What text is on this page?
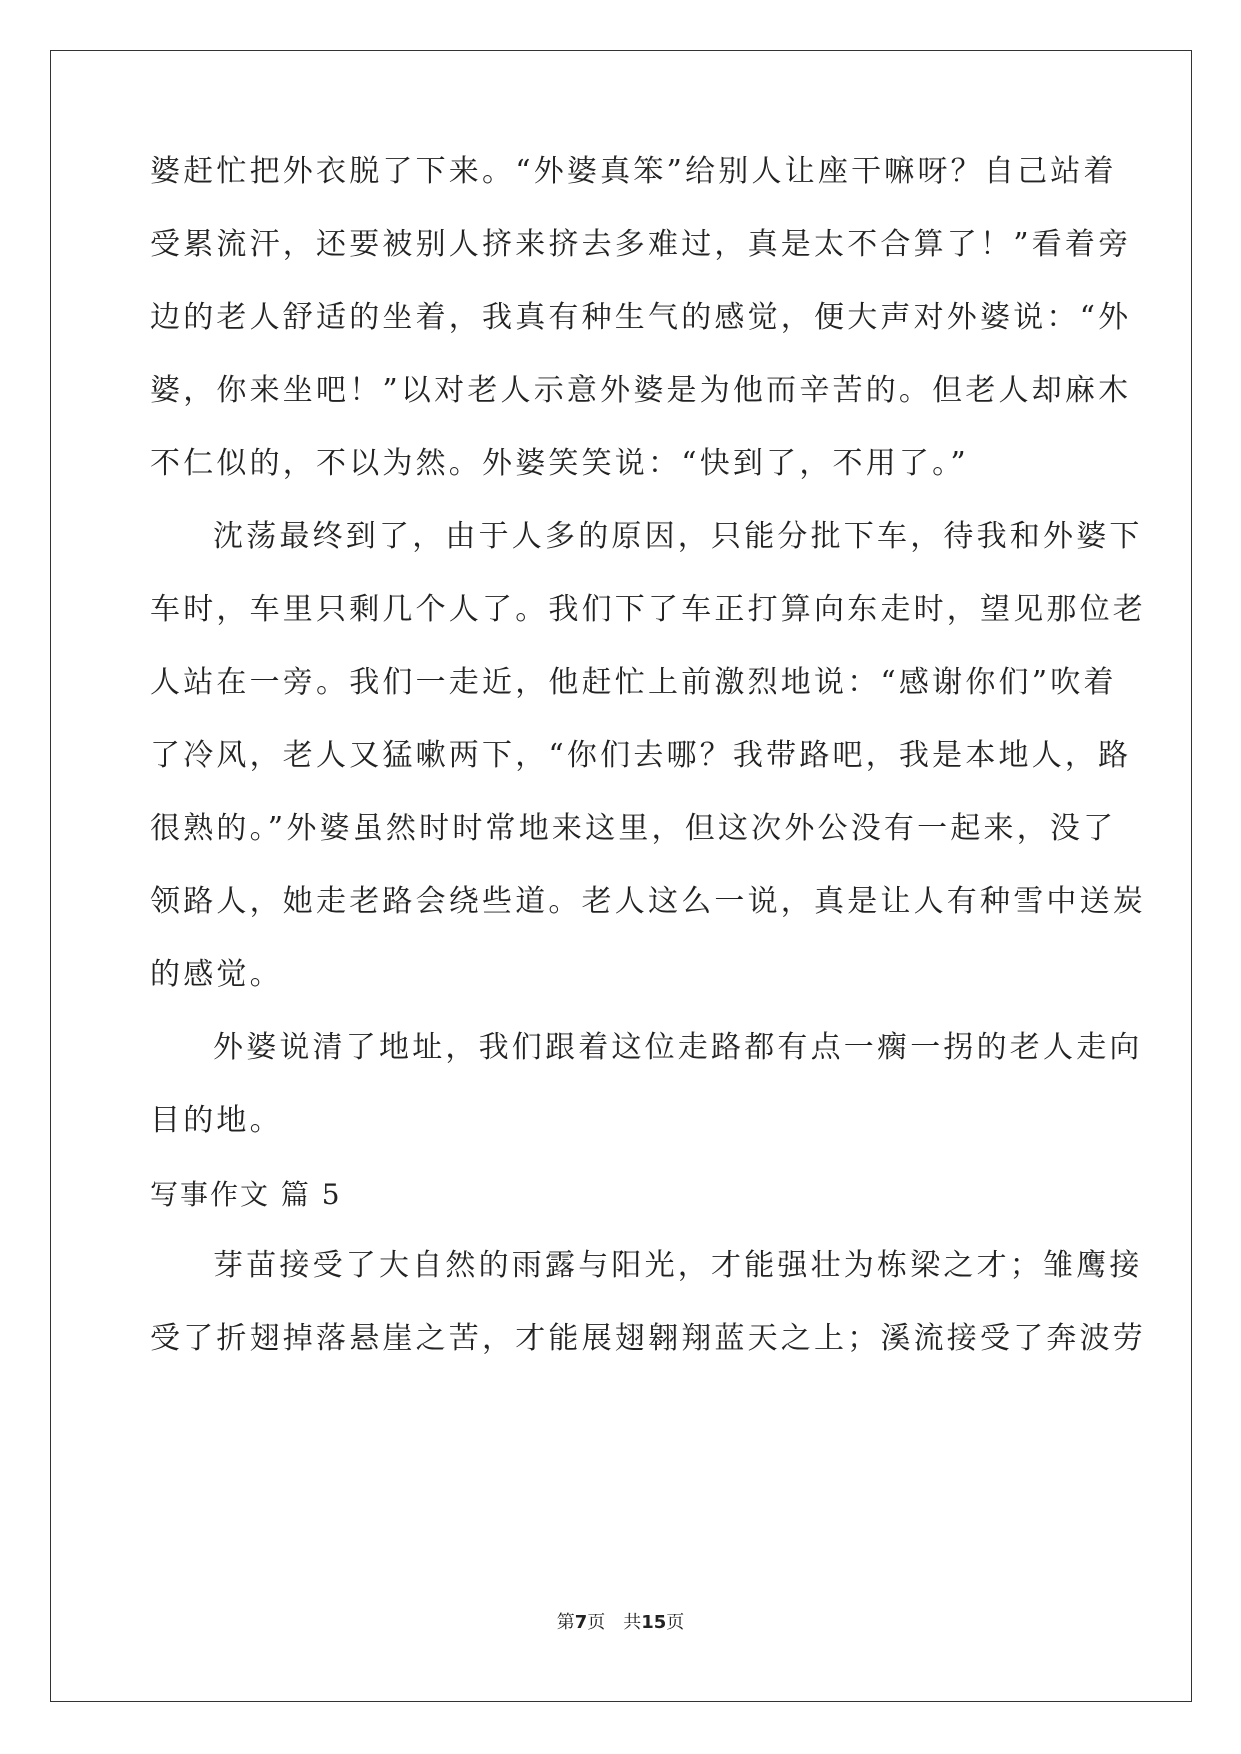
婆赶忙把外衣脱了下来。“外婆真笨”给别人让座干嘛呀？自己站着
受累流汗，还要被别人挤来挤去多难过，真是太不合算了！”看着旁
边的老人舒适的坐着，我真有种生气的感觉，便大声对外婆说：“外
婆，你来坐吧！”以对老人示意外婆是为他而辛苦的。但老人却麻木
不仁似的，不以为然。外婆笑笑说：“快到了，不用了。”
沈荡最终到了，由于人多的原因，只能分批下车，待我和外婆下
车时，车里只剩几个人了。我们下了车正打算向东走时，望见那位老
人站在一旁。我们一走近，他赶忙上前激烈地说：“感谢你们”吹着
了冷风，老人又猛嗽两下，“你们去哪？我带路吧，我是本地人，路
很熟的。”外婆虽然时时常地来这里，但这次外公没有一起来，没了
领路人，她走老路会绕些道。老人这么一说，真是让人有种雪中送炭
的感觉。
外婆说清了地址，我们跟着这位走路都有点一瘸一拐的老人走向
目的地。
写事作文 篇 5
芽苗接受了大自然的雨露与阳光，才能强壮为栋梁之才；雏鹰接
受了折翅掉落悬崖之苦，才能展翅翱翔蓝天之上；溪流接受了奔波劳
第7页 共15页
